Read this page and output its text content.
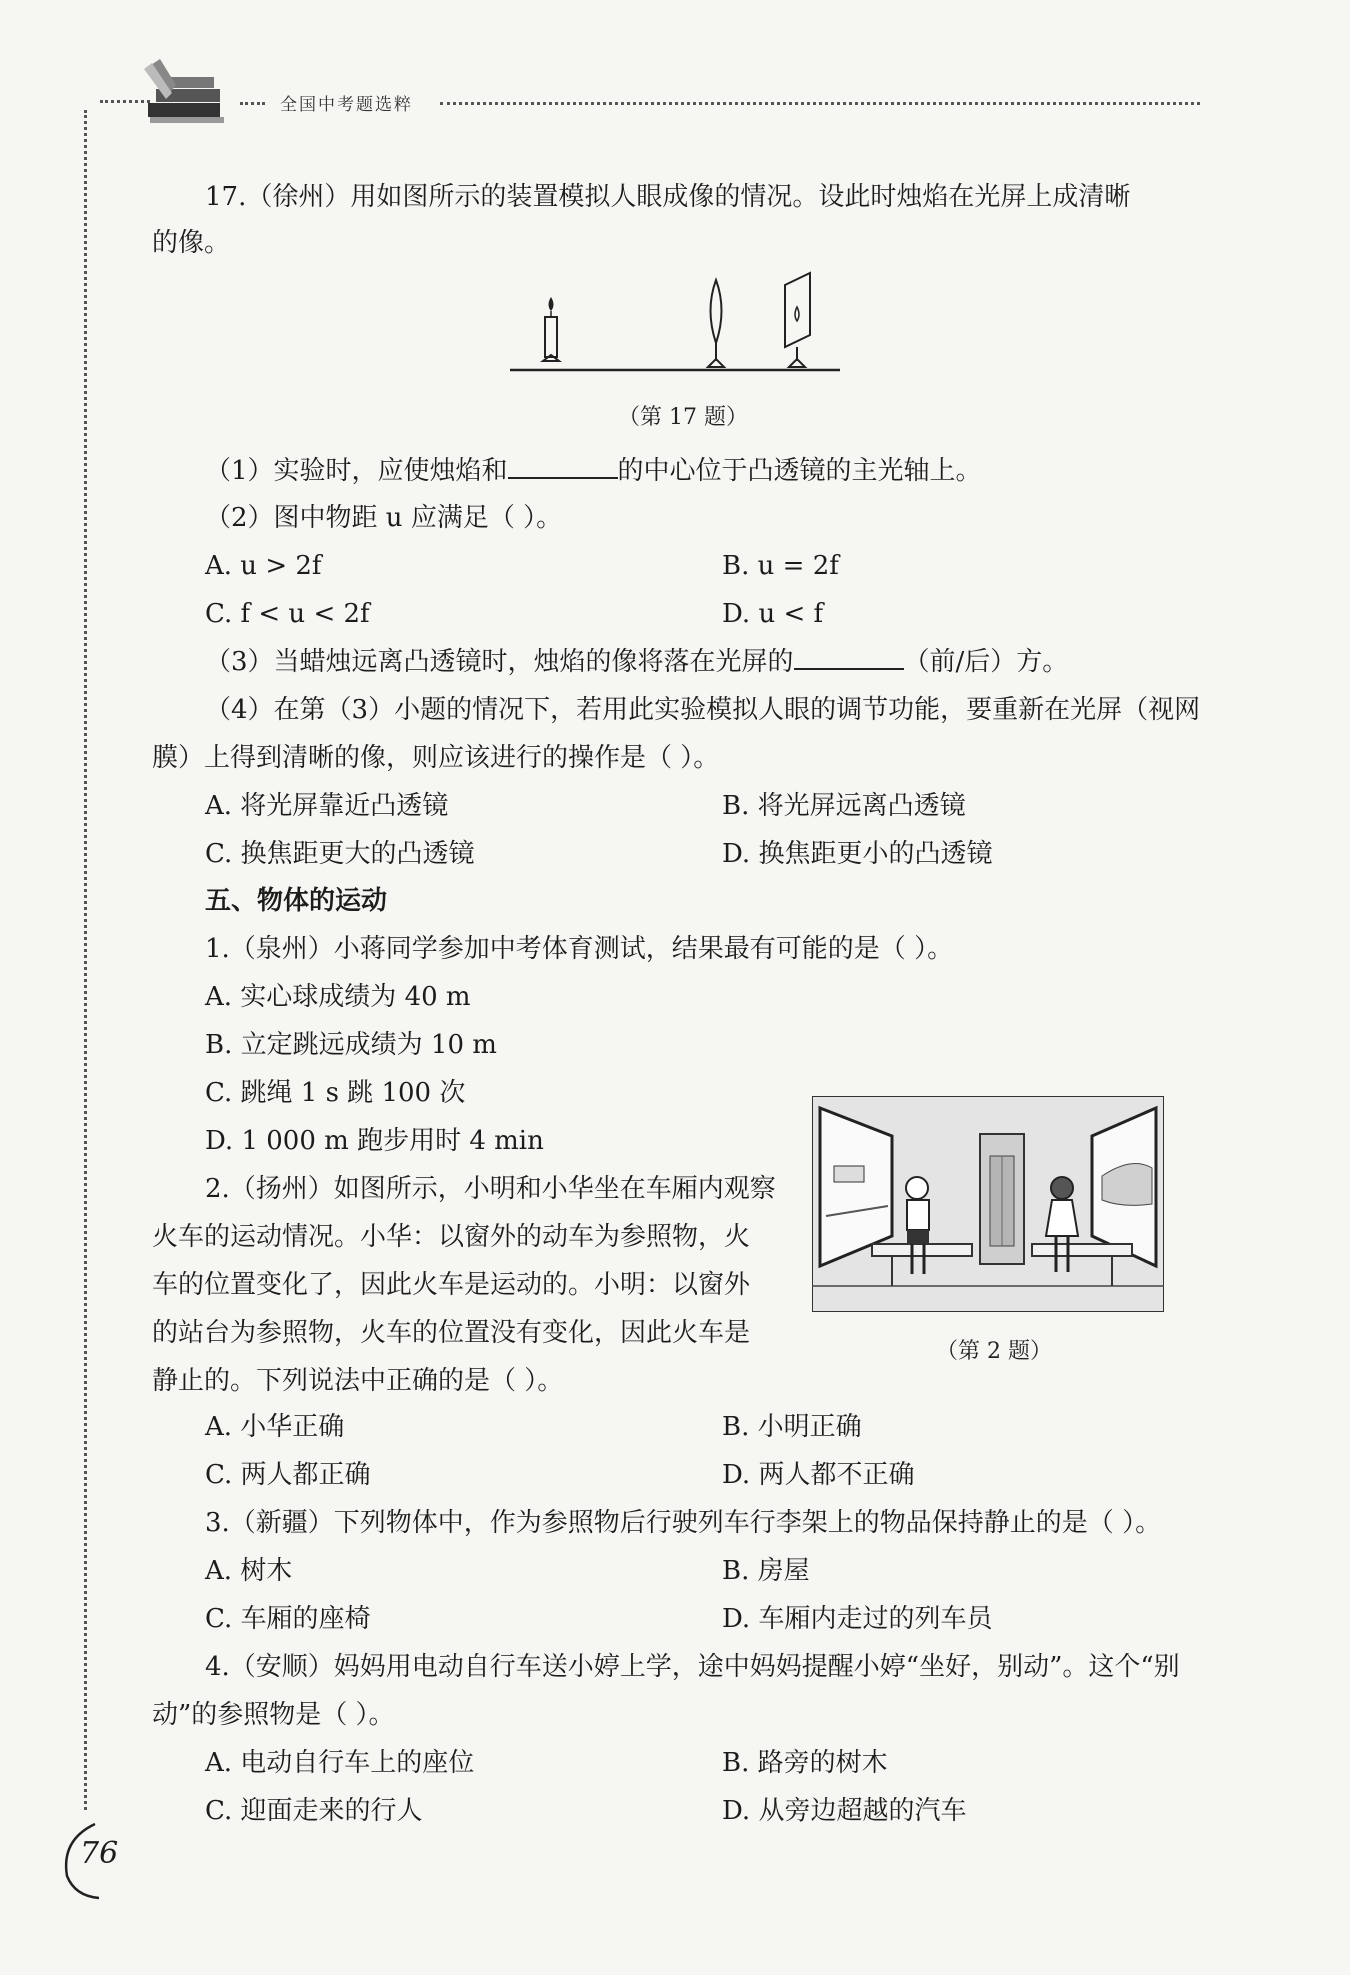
全国中考题选粹
17.（徐州）用如图所示的装置模拟人眼成像的情况。设此时烛焰在光屏上成清晰
的像。
（第 17 题）
（1）实验时，应使烛焰和	的中心位于凸透镜的主光轴上。
（2）图中物距 u 应满足（ ）。
A. u > 2f	B. u = 2f
C. f < u < 2f	D. u < f
（3）当蜡烛远离凸透镜时，烛焰的像将落在光屏的	（前/后）方。
（4）在第（3）小题的情况下，若用此实验模拟人眼的调节功能，要重新在光屏（视网
膜）上得到清晰的像，则应该进行的操作是（ ）。
A. 将光屏靠近凸透镜	B. 将光屏远离凸透镜
C. 换焦距更大的凸透镜	D. 换焦距更小的凸透镜
五、物体的运动
1.（泉州）小蒋同学参加中考体育测试，结果最有可能的是（ ）。
A. 实心球成绩为 40 m
B. 立定跳远成绩为 10 m
C. 跳绳 1 s 跳 100 次
D. 1 000 m 跑步用时 4 min
2.（扬州）如图所示，小明和小华坐在车厢内观察
火车的运动情况。小华：以窗外的动车为参照物，火
车的位置变化了，因此火车是运动的。小明：以窗外
的站台为参照物，火车的位置没有变化，因此火车是
静止的。下列说法中正确的是（ ）。
（第 2 题）
A. 小华正确	B. 小明正确
C. 两人都正确	D. 两人都不正确
3.（新疆）下列物体中，作为参照物后行驶列车行李架上的物品保持静止的是（ ）。
A. 树木	B. 房屋
C. 车厢的座椅	D. 车厢内走过的列车员
4.（安顺）妈妈用电动自行车送小婷上学，途中妈妈提醒小婷“坐好，别动”。这个“别
动”的参照物是（ ）。
A. 电动自行车上的座位	B. 路旁的树木
C. 迎面走来的行人	D. 从旁边超越的汽车
76
